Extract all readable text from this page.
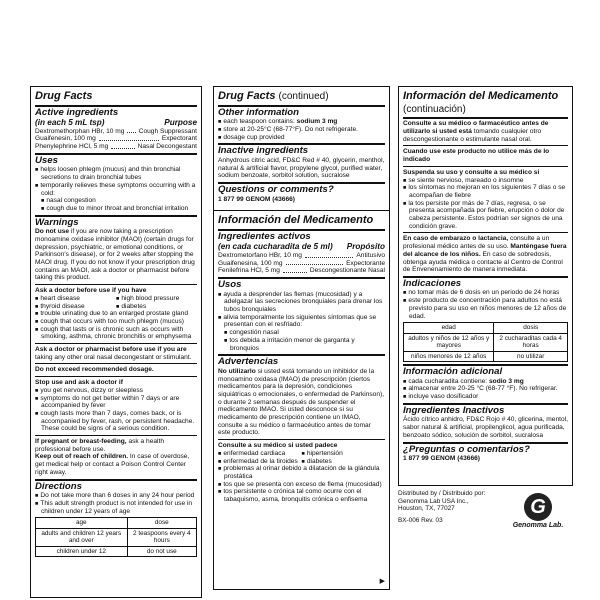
Drug Facts
Active ingredients
(in each 5 mL tsp)	Purpose
Dextromethorphan HBr, 10 mg Cough Suppressant
Guaifenesin, 100 mg	Expectorant
Phenylephrine HCl, 5 mg	Nasal Decongestant
Uses
■ helps loosen phlegm (mucus) and thin bronchial secretions to drain bronchial tubes
■ temporarily relieves these symptoms occurring with a cold:
■ nasal congestion
■ cough due to minor throat and bronchial irritation
Warnings
Do not use if you are now taking a prescription monoamine oxidase inhibitor (MAOI) (certain drugs for depression, psychiatric, or emotional conditions, or Parkinson's disease), or for 2 weeks after stopping the MAOI drug. If you do not know if your prescription drug contains an MAOI, ask a doctor or pharmacist before taking this product.
Ask a doctor before use if you have
■ heart disease	■ high blood pressure
■ thyroid disease	■ diabetes
■ trouble urinating due to an enlarged prostate gland
■ cough that occurs with too much phlegm (mucus)
■ cough that lasts or is chronic such as occurs with smoking, asthma, chronic bronchitis or emphysema
Ask a doctor or pharmacist before use if you are taking any other oral nasal decongestant or stimulant.
Do not exceed recommended dosage.
Stop use and ask a doctor if
■ you get nervous, dizzy or sleepless
■ symptoms do not get better within 7 days or are accompanied by fever
■ cough lasts more than 7 days, comes back, or is accompanied by fever, rash, or persistent headache. These could be signs of a serious condition.
If pregnant or breast-feeding, ask a health professional before use.
Keep out of reach of children. In case of overdose, get medical help or contact a Poison Control Center right away.
Directions
■ Do not take more than 6 doses in any 24 hour period
■ This adult strength product is not intended for use in children under 12 years of age
age	dose
adults and children 12 years and over	2 teaspoons every 4 hours
children under 12	do not use
Drug Facts (continued)
Other information
■ each teaspoon contains: sodium 3 mg
■ store at 20-25°C (68-77°F). Do not refrigerate.
■ dosage cup provided
Inactive ingredients
Anhydrous citric acid, FD&C Red # 40, glycerin, menthol, natural & artificial flavor, propylene glycol, purified water, sodium benzoate, sorbitol solution, sucralose
Questions or comments?
1 877 99 GENOM (43666)
Información del Medicamento
Ingredientes activos
(en cada cucharadita de 5 ml) Propósito
Dextrometorfano HBr, 10 mg	Antitusivo
Guaifenesina, 100 mg	Expectorante
Fenilefrina HCl, 5 mg	Descongestionante Nasal
Usos
■ ayuda a desprender las flemas (mucosidad) y a adelgazar las secreciones bronquiales para drenar los tubos bronquiales
■ alivia temporalmente los siguientes síntomas que se presentan con el resfriado:
■ congestión nasal
■ tos debida a irritación menor de garganta y bronquios
Advertencias
No utilizarlo si usted está tomando un inhibidor de la monoamino oxidasa (IMAO) de prescripción (ciertos medicamentos para la depresión, condiciones siquiátricas o emocionales, o enfermedad de Parkinson), o durante 2 semanas después de suspender el medicamento IMAO. Si usted desconoce si su medicamento de prescripción contiene un IMAO, consulte a su médico o farmacéutico antes de tomar este producto.
Consulte a su médico si usted padece
■ enfermedad cardiaca	■ hipertensión
■ enfermedad de la tiroides	■ diabetes
■ problemas al orinar debido a dilatación de la glándula prostática
■ tos que se presenta con exceso de flema (mucosidad)
■ tos persistente o crónica tal como ocurre con el tabaquismo, asma, bronquitis crónica o enfisema
▶
Información del Medicamento (continuación)
Consulte a su médico o farmacéutico antes de utilizarlo si usted está tomando cualquier otro descongestionante o estimulante nasal oral.
Cuando use este producto no utilice más de lo indicado
Suspenda su uso y consulte a su médico si
■ se siente nervioso, mareado o insomne
■ los síntomas no mejoran en los siguientes 7 días o se acompañan de fiebre
■ la tos persiste por más de 7 días, regresa, o se presenta acompañada por fiebre, erupción o dolor de cabeza persistente. Estos podrían ser signos de una condición grave.
En caso de embarazo o lactancia, consulte a un profesional médico antes de su uso. Manténgase fuera del alcance de los niños. En caso de sobredosis, obtenga ayuda médica o contacte al Centro de Control de Envenenamiento de manera inmediata.
Indicaciones
■ no tomar más de 6 dosis en un periodo de 24 horas
■ este producto de concentración para adultos no está previsto para su uso en niños menores de 12 años de edad.
edad	dosis
adultos y niños de 12 años y mayores	2 cucharaditas cada 4 horas
niños menores de 12 años	no utilizar
Información adicional
■ cada cucharadita contiene: sodio 3 mg
■ almacenar entre 20-25 °C (68-77 °F). No refrigerar.
■ incluye vaso dosificador
Ingredientes Inactivos
Ácido cítrico anhidro, FD&C Rojo # 40, glicerina, mentol, sabor natural & artificial, propilenglicol, agua purificada, benzoato sódico, solución de sorbitol, sucralosa
¿Preguntas o comentarios?
1 877 99 GENOM (43666)
Distributed by / Distribuido por:
Genomma Lab USA Inc.,
Houston, TX, 77027
BX-006 Rev. 03
G
Genomma Lab.
